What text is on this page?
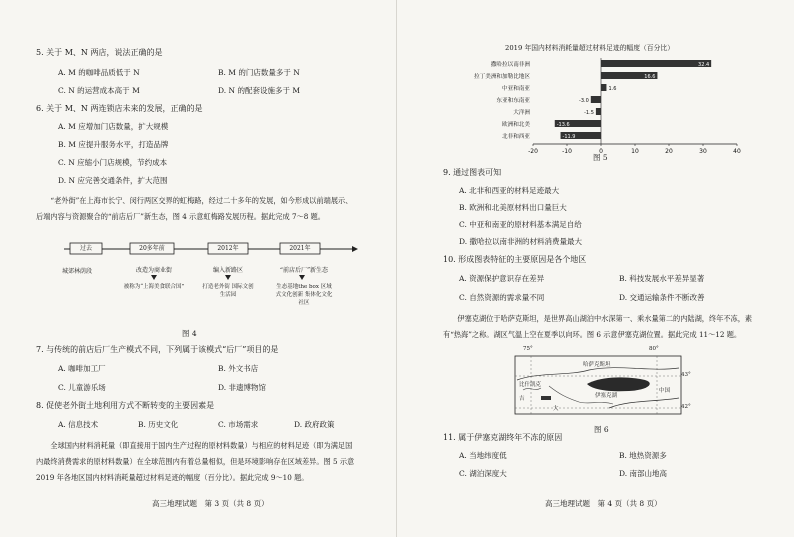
5. 关于 M、N 两店，说法正确的是
A. M 的咖啡品质低于 N	B. M 的门店数量多于 N
C. N 的运营成本高于 M	D. N 的配套设施多于 M
6. 关于 M、N 两连锁店未来的发展，正确的是
A. M 应增加门店数量，扩大规模
B. M 应提升服务水平，打造品牌
C. N 应缩小门店规模，节约成本
D. N 应完善交通条件，扩大范围
“老外街”在上海市长宁、闵行两区交界的虹梅路，经过二十多年的发展，如今形成以前端展示、后端内容与资源聚合的“前店后厂”新生态，图 4 示意虹梅路发展历程。据此完成 7～8 题。
过去	20多年前	2012年	2021年
城郊林荫段	改造为商业街
被称为“上海美食联合国”
编入新路区
打造老外街 国际文创生活园
“前店后厂”新生态
生态基地the box 区域式文化创新 集体化文化社区
图 4
7. 与传统的前店后厂生产模式不同，下列属于该模式“后厂”项目的是
A. 咖啡加工厂	B. 外文书店
C. 儿童游乐场	D. 非遗博物馆
8. 促使老外街土地利用方式不断转变的主要因素是
A. 信息技术	B. 历史文化	C. 市场需求	D. 政府政策
全球国内材料消耗量（即直接用于国内生产过程的原材料数量）与相应的材料足迹（即为满足国内最终消费需求的原材料数量）在全球范围内有着总量相似，但是环境影响存在区域差异。图 5 示意 2019 年各地区国内材料消耗量超过材料足迹的幅度（百分比）。据此完成 9～10 题。
高三地理试题　第 3 页（共 8 页）
2019 年国内材料消耗量超过材料足迹的幅度（百分比）
撒哈拉以南非洲	32.4
拉丁美洲和加勒比地区	16.6
中亚和南亚	1.6
东亚和东南亚	-3.0
大洋洲	-1.5
欧洲和北美	-13.6
北非和西亚	-11.9
-20	-10	0	10	20	30	40
图 5
9. 通过图表可知
A. 北非和西亚的材料足迹最大
B. 欧洲和北美原材料出口量巨大
C. 中亚和南亚的原材料基本满足自给
D. 撒哈拉以南非洲的材料消费量最大
10. 形成图表特征的主要原因是各个地区
A. 资源保护意识存在差异	B. 科技发展水平差异显著
C. 自然资源的需求量不同	D. 交通运输条件不断改善
伊塞克湖位于哈萨克斯坦，是世界高山湖泊中水深第一、乘水量第二的内陆湖，终年不冻，素有“热海”之称。湖区气温上空在夏季以向环。图 6 示意伊塞克湖位置。据此完成 11～12 题。
75°	80°
43°
42°
哈萨克斯坦
吉	伊塞克湖
中国
比什凯克
大
图 6
11. 属于伊塞克湖终年不冻的原因
A. 当地纬度低	B. 地热资源多
C. 湖泊深度大	D. 南部山地高
高三地理试题　第 4 页（共 8 页）
